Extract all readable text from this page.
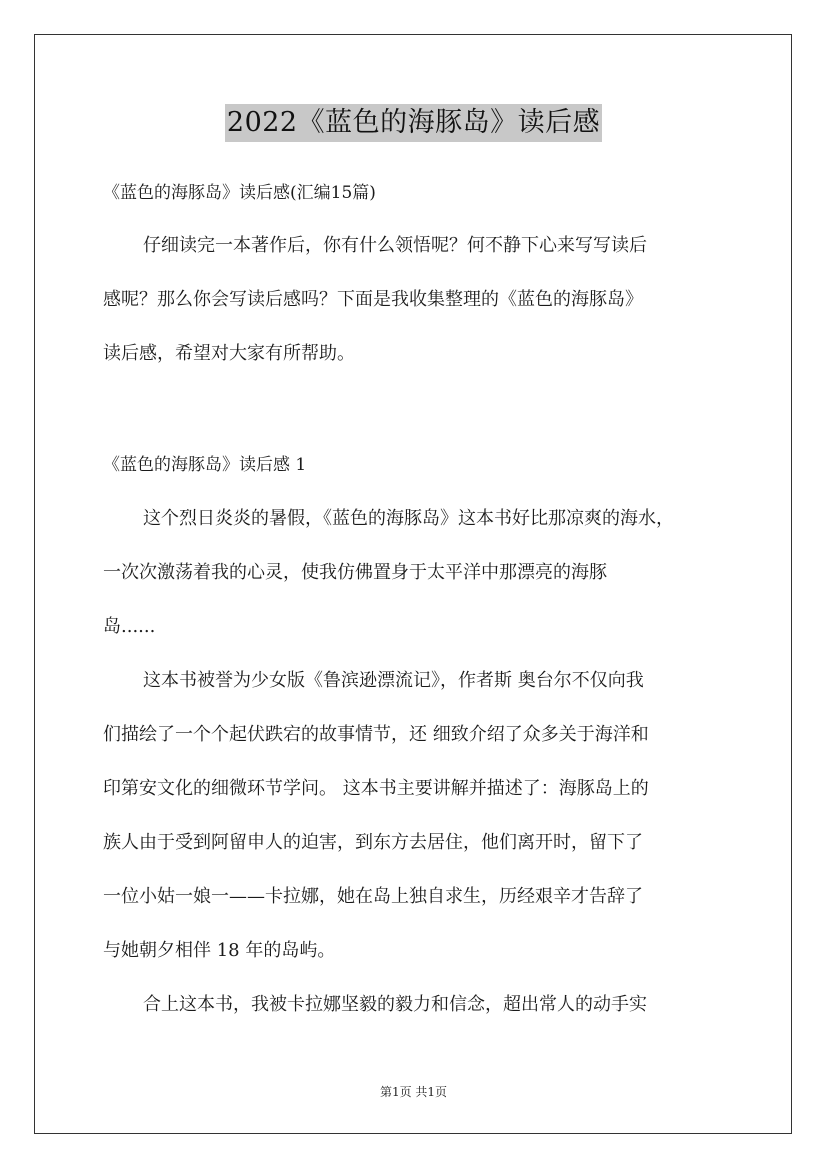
2022《蓝色的海豚岛》读后感
《蓝色的海豚岛》读后感(汇编15篇)
仔细读完一本著作后，你有什么领悟呢？何不静下心来写写读后
感呢？那么你会写读后感吗？下面是我收集整理的《蓝色的海豚岛》
读后感，希望对大家有所帮助。
《蓝色的海豚岛》读后感 1
这个烈日炎炎的暑假，《蓝色的海豚岛》这本书好比那凉爽的海水，
一次次激荡着我的心灵，使我仿佛置身于太平洋中那漂亮的海豚
岛......
这本书被誉为少女版《鲁滨逊漂流记》，作者斯 奥台尔不仅向我
们描绘了一个个起伏跌宕的故事情节，还 细致介绍了众多关于海洋和
印第安文化的细微环节学问。 这本书主要讲解并描述了：海豚岛上的
族人由于受到阿留申人的迫害，到东方去居住，他们离开时，留下了
一位小姑一娘一——卡拉娜，她在岛上独自求生，历经艰辛才告辞了
与她朝夕相伴 18 年的岛屿。
合上这本书，我被卡拉娜坚毅的毅力和信念，超出常人的动手实
第1页 共1页
